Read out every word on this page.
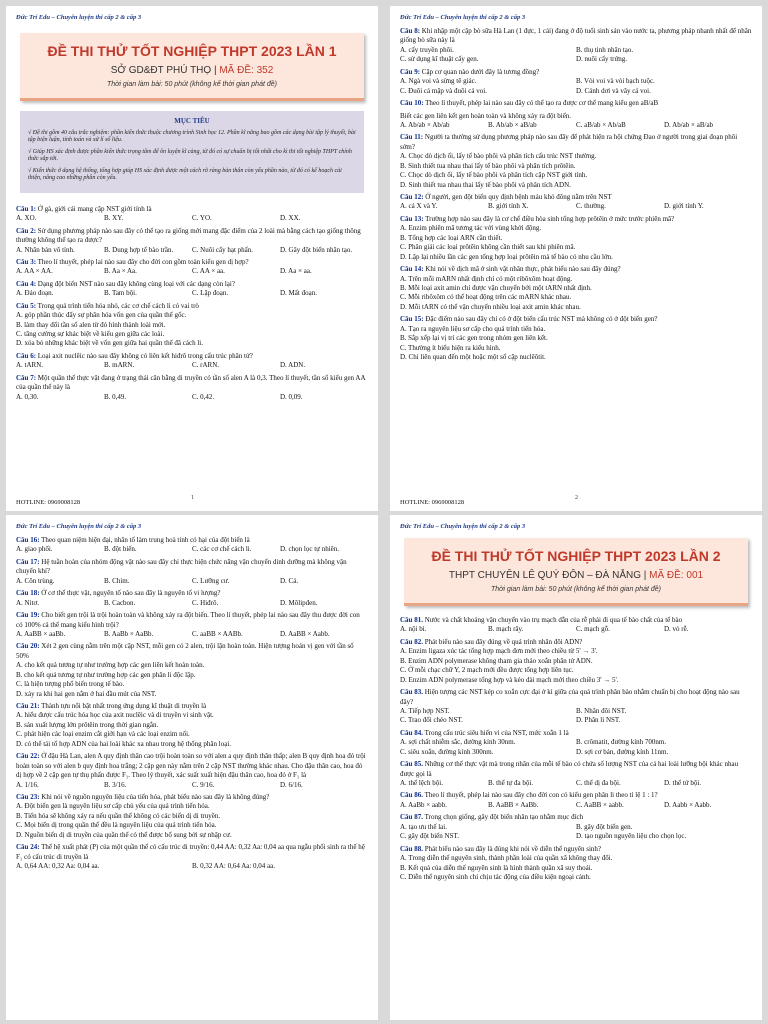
Đức Trí Edu – Chuyên luyện thi cấp 2 & cấp 3
ĐỀ THI THỬ TỐT NGHIỆP THPT 2023 LẦN 1
SỞ GD&ĐT PHÚ THỌ | MÃ ĐỀ: 352
Thời gian làm bài: 50 phút (không kể thời gian phát đề)
MỤC TIÊU

√ Đề thi gồm 40 câu trắc nghiệm: phần kiến thức thuộc chương trình Sinh học 12. Phần kĩ năng bao gồm các dạng bài tập lý thuyết, bài tập biện luận, tính toán và xử lí số liệu.

√ Giúp HS xác định được phần kiến thức trọng tâm để ôn luyện kĩ càng, từ đó có sự chuẩn bị tốt nhất cho kì thi tốt nghiệp THPT chính thức sắp tới.

√ Kiến thức ở dạng hệ thống, tổng hợp giúp HS xác định được một cách rõ ràng bản thân còn yếu phần nào, từ đó có kế hoạch cải thiện, nâng cao những phần còn yếu.

Câu 1: Ở gà, giới cái mang cặp NST giới tính là
A. XO.	B. XY.	C. YO.	D. XX.
Câu 2: Sử dụng phương pháp nào sau đây có thể tạo ra giống mới mang đặc điểm của 2 loài mà bằng cách tạo giống thông thường không thể tạo ra được?
A. Nhân bản vô tính.	B. Dung hợp tế bào trần.	C. Nuôi cấy hạt phấn.	D. Gây đột biến nhân tạo.
Câu 3: Theo lí thuyết, phép lai nào sau đây cho đời con gồm toàn kiểu gen dị hợp?
A. AA × AA.	B. Aa × Aa.	C. AA × aa.	D. Aa × aa.
Câu 4: Dạng đột biến NST nào sau đây không cùng loại với các dạng còn lại?
A. Đảo đoạn.	B. Tam bội.	C. Lặp đoạn.	D. Mất đoạn.
Câu 5: Trong quá trình tiến hóa nhỏ, các cơ chế cách li có vai trò
A. góp phần thúc đẩy sự phân hóa vốn gen của quần thể gốc.
B. làm thay đổi tần số alen từ đó hình thành loài mới.
C. tăng cường sự khác biệt về kiểu gen giữa các loài.
D. xóa bỏ những khác biệt về vốn gen giữa hai quần thể đã cách li.
Câu 6: Loại axit nuclêic nào sau đây không có liên kết hiđrô trong cấu trúc phân tử?
A. tARN.	B. mARN.	C. rARN.	D. ADN.
Câu 7: Một quần thể thực vật đang ở trạng thái cân bằng di truyền có tần số alen A là 0,3. Theo lí thuyết, tần số kiểu gen AA của quần thể này là
A. 0,30.	B. 0,49.	C. 0,42.	D. 0,09.
HOTLINE: 0969008128
1
Đức Trí Edu – Chuyên luyện thi cấp 2 & cấp 3
Câu 8: Khi nhập một cặp bò sữa Hà Lan (1 đực, 1 cái) đang ở độ tuổi sinh sản vào nước ta, phương pháp nhanh nhất để nhân giống bò sữa này là
A. cấy truyền phôi.	B. thụ tinh nhân tạo.
C. sử dụng kĩ thuật cấy gen.	D. nuôi cấy trứng.
Câu 9: Cặp cơ quan nào dưới đây là tương đồng?
A. Ngà voi và sừng tê giác.	B. Vòi voi và vòi bạch tuộc.
C. Đuôi cá mập và đuôi cá voi.	D. Cánh dơi và vây cá voi.
Câu 10: Theo lí thuyết, phép lai nào sau đây có thể tạo ra được cơ thể mang kiểu gen aB/aB
Biết các gen liên kết gen hoàn toàn và không xảy ra đột biến.
A. Ab/ab × Ab/ab	B. Ab/ab × aB/ab	C. aB/ab × Ab/aB	D. Ab/ab × aB/ab
Câu 11: Người ta thường sử dụng phương pháp nào sau đây để phát hiện ra hội chứng Đao ở người trong giai đoạn phôi sớm?
A. Chọc dò dịch ối, lấy tế bào phôi và phân tích cấu trúc NST thường.
B. Sinh thiết tua nhau thai lấy tế bào phôi và phân tích prôtêin.
C. Chọc dò dịch ối, lấy tế bào phôi và phân tích cặp NST giới tính.
D. Sinh thiết tua nhau thai lấy tế bào phôi và phân tích ADN.
Câu 12: Ở người, gen đột biến quy định bệnh máu khó đông nằm trên NST
A. cả X và Y.	B. giới tính X.	C. thường.	D. giới tính Y.
Câu 13: Trường hợp nào sau đây là cơ chế điều hòa sinh tổng hợp prôtêin ở mức trước phiên mã?
A. Enzim phiên mã tương tác với vùng khởi động.
B. Tổng hợp các loại ARN cần thiết.
C. Phân giải các loại prôtêin không cần thiết sau khi phiên mã.
D. Lặp lại nhiều lần các gen tổng hợp loại prôtêin mà tế bào có nhu cầu lớn.
Câu 14: Khi nói về dịch mã ở sinh vật nhân thực, phát biểu nào sau đây đúng?
A. Trên mỗi mARN nhất định chỉ có một ribôxôm hoạt động.
B. Mỗi loại axit amin chỉ được vận chuyển bởi một tARN nhất định.
C. Mỗi ribôxôm có thể hoạt động trên các mARN khác nhau.
D. Mỗi tARN có thể vận chuyển nhiều loại axit amin khác nhau.
Câu 15: Đặc điểm nào sau đây chỉ có ở đột biến cấu trúc NST mà không có ở đột biến gen?
A. Tạo ra nguyên liệu sơ cấp cho quá trình tiến hóa.
B. Sắp xếp lại vị trí các gen trong nhóm gen liên kết.
C. Thường ít biểu hiện ra kiểu hình.
D. Chỉ liên quan đến một hoặc một số cặp nuclêôtit.
HOTLINE: 0969008128
2
Đức Trí Edu – Chuyên luyện thi cấp 2 & cấp 3
Câu 16: Theo quan niệm hiện đại, nhân tố làm trung hoà tính có hại của đột biến là
A. giao phối.	B. đột biến.	C. các cơ chế cách li.	D. chọn lọc tự nhiên.
Câu 17: Hệ tuần hoàn của nhóm động vật nào sau đây chỉ thực hiện chức năng vận chuyển dinh dưỡng mà không vận chuyển khí?
A. Côn trùng.	B. Chim.	C. Lưỡng cư.	D. Cá.
Câu 18: Ở cơ thể thực vật, nguyên tố nào sau đây là nguyên tố vi lượng?
A. Nitơ.	B. Cacbon.	C. Hiđrô.	D. Môlipđen.
Câu 19: Cho biết gen trội là trội hoàn toàn và không xảy ra đột biến. Theo lí thuyết, phép lai nào sau đây thu được đời con có 100% cá thể mang kiểu hình trội?
A. AaBB × aaBb.	B. AaBb × AaBb.	C. aaBB × AABb.	D. AaBB × Aabb.
Câu 20: Xét 2 gen cùng nằm trên một cặp NST, mỗi gen có 2 alen, trội lặn hoàn toàn. Hiện tượng hoán vị gen với tần số 50%
A. cho kết quả tương tự như trường hợp các gen liên kết hoàn toàn.
B. cho kết quả tương tự như trường hợp các gen phân li độc lập.
C. là hiện tượng phổ biến trong tế bào.
D. xảy ra khi hai gen nằm ở hai đầu mút của NST.
Câu 21: Thành tựu nổi bật nhất trong ứng dụng kĩ thuật di truyền là
A. hiểu được cấu trúc hóa học của axit nuclêic và di truyền vi sinh vật.
B. sản xuất lượng lớn prôtêin trong thời gian ngắn.
C. phát hiện các loại enzim cắt giới hạn và các loại enzim nối.
D. có thể tái tổ hợp ADN của hai loài khác xa nhau trong hệ thống phân loại.
Câu 22: Ở đậu Hà Lan, alen A quy định thân cao trội hoàn toàn so với alen a quy định thân thấp; alen B quy định hoa đỏ trội hoàn toàn so với alen b quy định hoa trắng; 2 cặp gen này nằm trên 2 cặp NST thường khác nhau. Cho đậu thân cao, hoa đỏ dị hợp về 2 cặp gen tự thụ phấn được F₁. Theo lý thuyết, xác suất xuất hiện đậu thân cao, hoa đỏ ở F₁ là
A. 1/16.	B. 3/16.	C. 9/16.	D. 6/16.
Câu 23: Khi nói về nguồn nguyên liệu của tiến hóa, phát biểu nào sau đây là không đúng?
A. Đột biến gen là nguyên liệu sơ cấp chủ yếu của quá trình tiến hóa.
B. Tiến hóa sẽ không xảy ra nếu quần thể không có các biến dị di truyền.
C. Mọi biến dị trong quần thể đều là nguyên liệu của quá trình tiến hóa.
D. Nguồn biến dị di truyền của quần thể có thể được bổ sung bởi sự nhập cư.
Câu 24: Thế hệ xuất phát (P) của một quần thể có cấu trúc di truyền: 0,44 AA: 0,32 Aa: 0,04 aa qua ngẫu phối sinh ra thế hệ F₁ có cấu trúc di truyền là
A. 0,64 AA: 0,32 Aa: 0,04 aa.	B. 0,32 AA: 0,64 Aa: 0,04 aa.
Đức Trí Edu – Chuyên luyện thi cấp 2 & cấp 3
ĐỀ THI THỬ TỐT NGHIỆP THPT 2023 LẦN 2
THPT CHUYÊN LÊ QUÝ ĐÔN – ĐÀ NẴNG | MÃ ĐỀ: 001
Thời gian làm bài: 50 phút (không kể thời gian phát đề)
Câu 81. Nước và chất khoáng vận chuyển vào trụ mạch dẫn của rễ phải đi qua tế bào chất của tế bào
A. nội bì.	B. mạch rây.	C. mạch gỗ.	D. vỏ rễ.
Câu 82. Phát biểu nào sau đây đúng về quá trình nhân đôi ADN?
A. Enzim ligaza xúc tác tổng hợp mạch đơn mới theo chiều từ 5' → 3'.
B. Enzim ADN polymerase không tham gia tháo xoắn phân tử ADN.
C. Ở mỗi chạc chữ Y, 2 mạch mới đều được tổng hợp liên tục.
D. Enzim ADN polymerase tổng hợp và kéo dài mạch mới theo chiều 3' → 5'.
Câu 83. Hiện tượng các NST kép co xoắn cực đại ở kì giữa của quá trình phân bào nhằm chuẩn bị cho hoạt động nào sau đây?
A. Tiếp hợp NST.	B. Nhân đôi NST.
C. Trao đổi chéo NST.	D. Phân li NST.
Câu 84. Trong cấu trúc siêu hiển vi của NST, mức xoắn 1 là
A. sợi chất nhiễm sắc, đường kính 30nm.	B. crômatit, đường kính 700nm.
C. siêu xoắn, đường kính 300nm.	D. sợi cơ bản, đường kính 11nm.
Câu 85. Những cơ thể thực vật mà trong nhân của mỗi tế bào có chứa số lượng NST của cả hai loài lưỡng bội khác nhau được gọi là
A. thể lệch bội.	B. thể tự đa bội.	C. thể dị đa bội.	D. thể tứ bội.
Câu 86. Theo lí thuyết, phép lai nào sau đây cho đời con có kiểu gen phân li theo tỉ lệ 1 : 1?
A. AaBb × aabb.	B. AaBB × AaBb.	C. AaBB × aabb.	D. Aabb × Aabb.
Câu 87. Trong chọn giống, gây đột biến nhân tạo nhằm mục đích
A. tạo ưu thế lai.	B. gây đột biến gen.
C. gây đột biến NST.	D. tạo nguồn nguyên liệu cho chọn lọc.
Câu 88. Phát biểu nào sau đây là đúng khi nói về diễn thế nguyên sinh?
A. Trong diễn thế nguyên sinh, thành phần loài của quần xã không thay đổi.
B. Kết quả của diễn thế nguyên sinh là hình thành quần xã suy thoái.
C. Diễn thế nguyên sinh chỉ chịu tác động của điều kiện ngoại cảnh.
